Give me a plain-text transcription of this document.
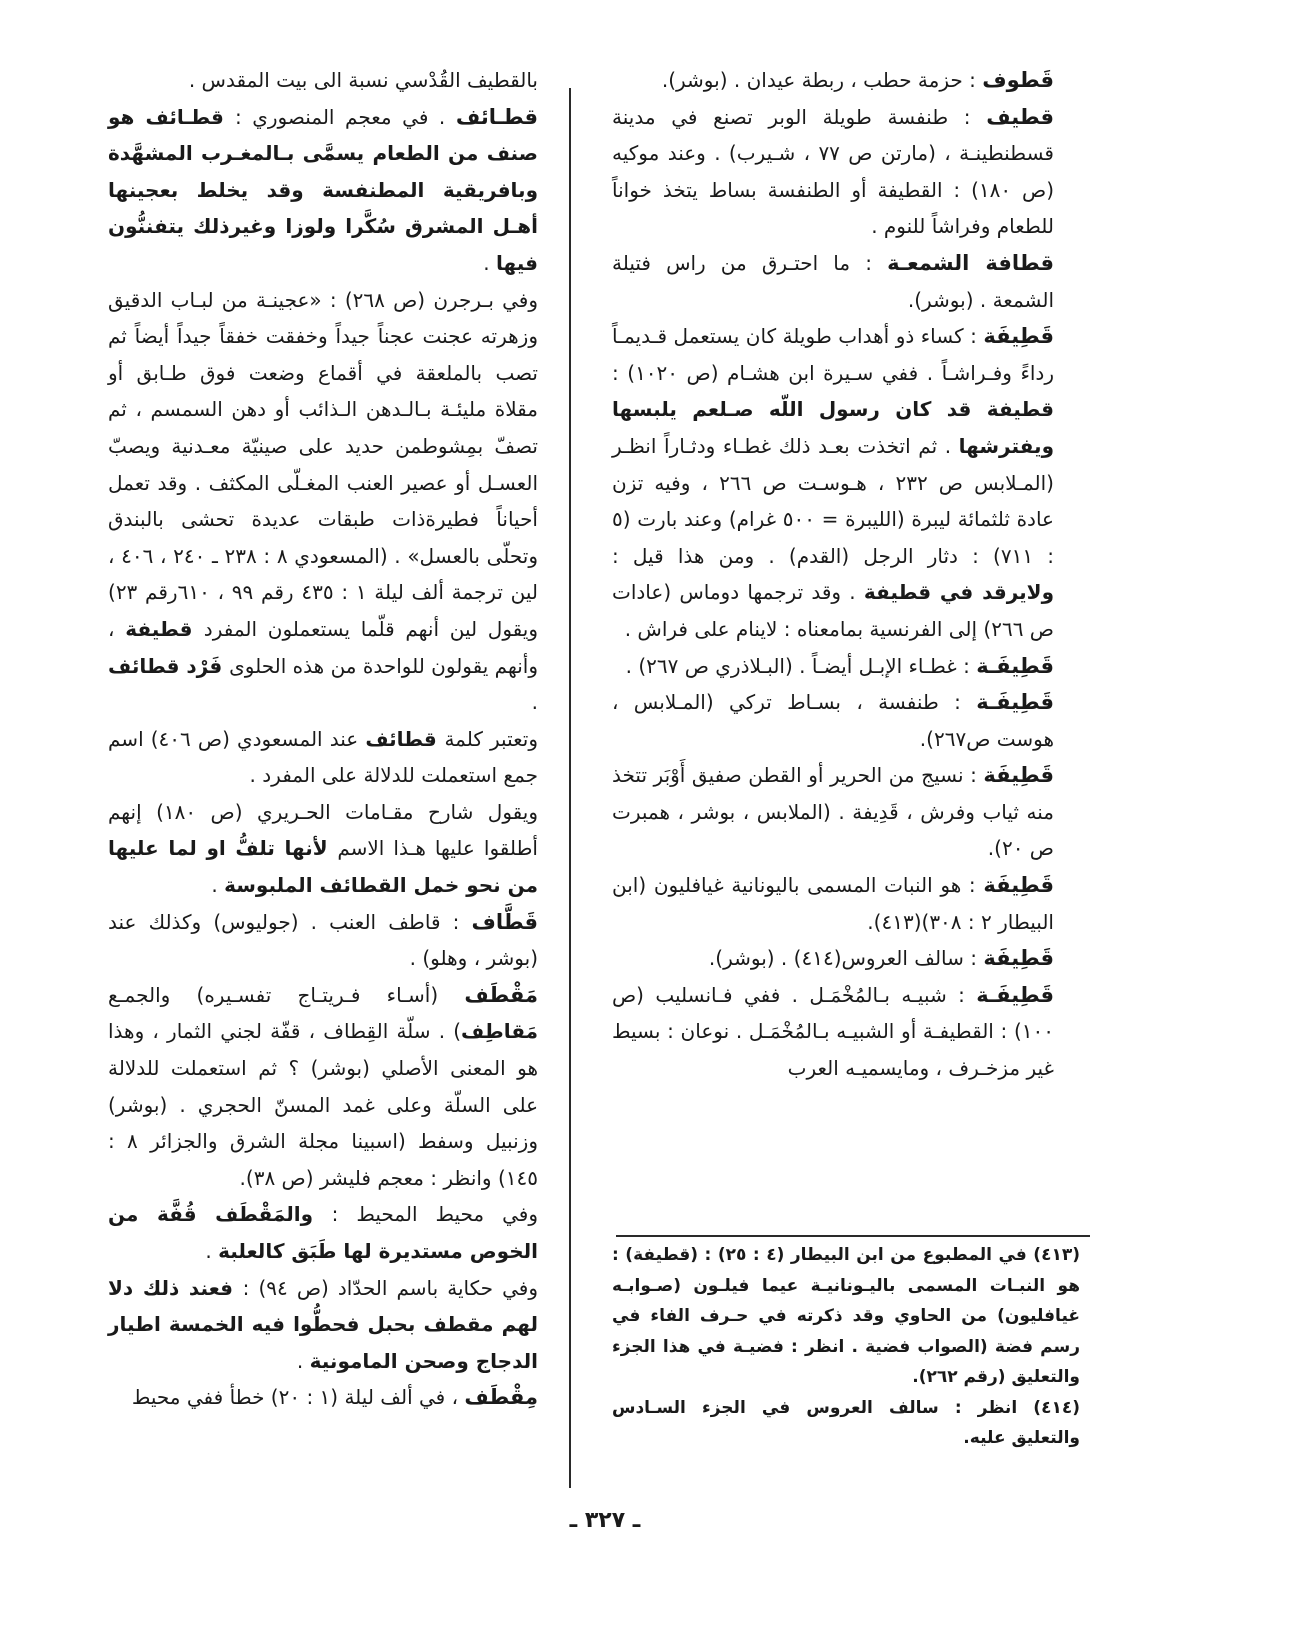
قَطوف : حزمة حطب ، ربطة عيدان . (بوشر).

قطيف : طنفسة طويلة الوبر تصنع في مدينة قسطنطينـة ، (مارتن ص ٧٧ ، شـيرب) . وعند موكيه (ص ١٨٠) : القطيفة أو الطنفسة بساط يتخذ خواناً للطعام وفراشاً للنوم .

قطافة الشمعـة : ما احتـرق من راس فتيلة الشمعة . (بوشر).

قَطِيفَة : كساء ذو أهداب طويلة كان يستعمل قـديمـاً رداءً وفـراشـاً . ففي سـيرة ابن هشـام (ص ١٠٢٠) : قطيفة قد كان رسول اللّه صـلعم يلبسها ويفترشها . ثم اتخذت بعـد ذلك غطـاء ودثـاراً انظـر (المـلابس ص ٢٣٢ ، هـوسـت ص ٢٦٦ ، وفيه تزن عادة ثلثمائة ليبرة (الليبرة = ٥٠٠ غرام) وعند بارت (٥ : ٧١١) : دثار الرجل (القدم) . ومن هذا قيل : ولايرقد في قطيفة . وقد ترجمها دوماس (عادات ص ٢٦٦) إلى الفرنسية بمامعناه : لاينام على فراش .

قَطِيفَـة : غطـاء الإبـل أيضـاً . (البـلاذري ص ٢٦٧) .

قَطِيفَـة : طنفسة ، بسـاط تركي (المـلابس ، هوست ص٢٦٧).

قَطِيفَة : نسيج من الحرير أو القطن صفيق أَوْبَر تتخذ منه ثياب وفرش ، قَدِيفة . (الملابس ، بوشر ، همبرت ص ٢٠).

قَطِيفَة : هو النبات المسمى باليونانية غيافليون (ابن البيطار ٢ : ٣٠٨)(٤١٣).

قَطِيفَة : سالف العروس(٤١٤) . (بوشر).

قَطِيفَـة : شبيـه بـالمُخْمَـل . ففي فـانسليب (ص ١٠٠) : القطيفـة أو الشبيـه بـالمُخْمَـل . نوعان : بسيط غير مزخـرف ، ومايسميـه العرب

بالقطيف القُدْسي نسبة الى بيت المقدس .

قطـائف . في معجم المنصوري : قطـائف هو صنف من الطعام يسمَّى بـالمغـرب المشهَّدة وبافريقية المطنفسة وقد يخلط بعجينها أهـل المشرق سُكَّرا ولوزا وغيرذلك يتفننُّون فيها .

وفي بـرجرن (ص ٢٦٨) : «عجينـة من لبـاب الدقيق وزهرته عجنت عجناً جيداً وخفقت خفقاً جيداً أيضاً ثم تصب بالملعقة في أقماع وضعت فوق طـابق أو مقلاة مليئـة بـالـدهن الـذائب أو دهن السمسم ، ثم تصفّ بمِشوطمن حديد على صينيّة معـدنية ويصبّ العسـل أو عصير العنب المغـلّى المكثف . وقد تعمل أحياناً فطيرةذات طبقات عديدة تحشى بالبندق وتحلّى بالعسل» . (المسعودي ٨ : ٢٣٨ ـ ٢٤٠ ، ٤٠٦ ، لين ترجمة ألف ليلة ١ : ٤٣٥ رقم ٩٩ ، ٦١٠رقم ٢٣) ويقول لين أنهم قلّما يستعملون المفرد قطيفة ، وأنهم يقولون للواحدة من هذه الحلوى فَرْد قطائف .

وتعتبر كلمة قطائف عند المسعودي (ص ٤٠٦) اسم جمع استعملت للدلالة على المفرد .

ويقول شارح مقـامات الحـريري (ص ١٨٠) إنهم أطلقوا عليها هـذا الاسم لأنها تلفُّ او لما عليها من نحو خمل القطائف الملبوسة .

قَطَّاف : قاطف العنب . (جوليوس) وكذلك عند (بوشر ، وهلو) .

مَقْطَف (أسـاء فـريتـاج تفسـيره) والجمـع مَقاطِف) . سلّة القِطاف ، قفّة لجني الثمار ، وهذا هو المعنى الأصلي (بوشر) ؟ ثم استعملت للدلالة على السلّة وعلى غمد المسنّ الحجري . (بوشر) وزنبيل وسفط (اسبينا مجلة الشرق والجزائر ٨ : ١٤٥) وانظر : معجم فليشر (ص ٣٨).

وفي محيط المحيط : والمَقْطَف قُفَّة من الخوص مستديرة لها طَبَق كالعلبة .

وفي حكاية باسم الحدّاد (ص ٩٤) : فعند ذلك دلا لهم مقطف بحبل فحطُّوا فيه الخمسة اطيار الدجاج وصحن المامونية .

مِقْطَف ، في ألف ليلة (١ : ٢٠) خطأ ففي محيط

(٤١٣) في المطبوع من ابن البيطار (٤ : ٢٥) : (قطيفة) : هو النبـات المسمى باليـونانيـة عيما فيلـون (صـوابـه غيافليون) من الحاوي وقد ذكرته في حـرف الفاء في رسم فضة (الصواب فضية . انظر : فضيـة في هذا الجزء والتعليق (رقم ٢٦٢).

(٤١٤) انظر : سالف العروس في الجزء السـادس والتعليق عليه.

ـ ٣٢٧ ـ
